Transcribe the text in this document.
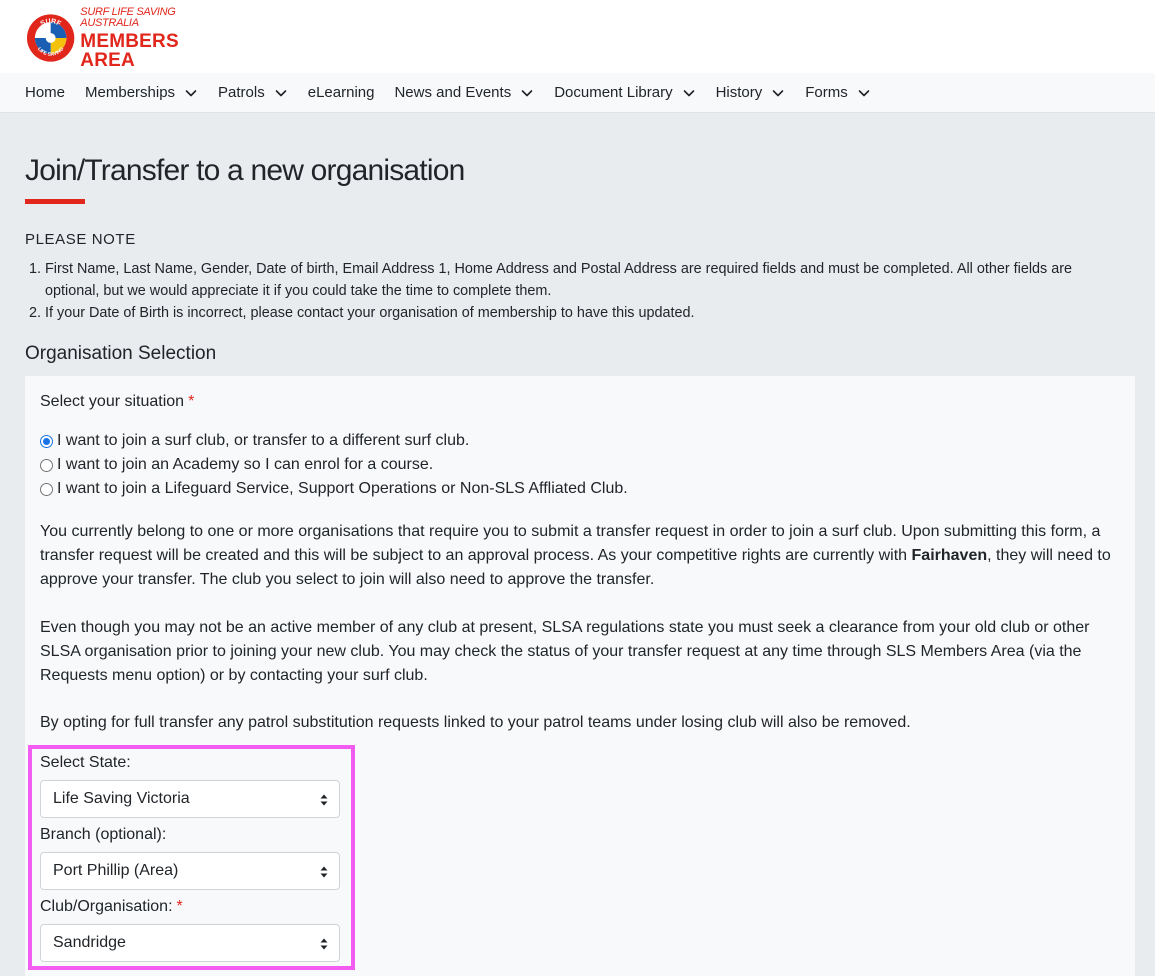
SURF
LIFE SAVING
SURF LIFE SAVING AUSTRALIA
MEMBERS AREA
Home Memberships	Patrols	eLearning News and Events	Document Library	History	Forms
Join/Transfer to a new organisation
PLEASE NOTE
1. First Name, Last Name, Gender, Date of birth, Email Address 1, Home Address and Postal Address are required fields and must be completed. All other fields are optional, but we would appreciate it if you could take the time to complete them.
2. If your Date of Birth is incorrect, please contact your organisation of membership to have this updated.
Organisation Selection
Select your situation *
I want to join a surf club, or transfer to a different surf club.
I want to join an Academy so I can enrol for a course.
I want to join a Lifeguard Service, Support Operations or Non-SLS Affliated Club.

You currently belong to one or more organisations that require you to submit a transfer request in order to join a surf club. Upon submitting this form, a transfer request will be created and this will be subject to an approval process. As your competitive rights are currently with Fairhaven, they will need to approve your transfer. The club you select to join will also need to approve the transfer.

Even though you may not be an active member of any club at present, SLSA regulations state you must seek a clearance from your old club or other SLSA organisation prior to joining your new club. You may check the status of your transfer request at any time through SLS Members Area (via the Requests menu option) or by contacting your surf club.

By opting for full transfer any patrol substitution requests linked to your patrol teams under losing club will also be removed.

Select State:
Life Saving Victoria
Branch (optional):
Port Phillip (Area)
Club/Organisation: *
Sandridge
